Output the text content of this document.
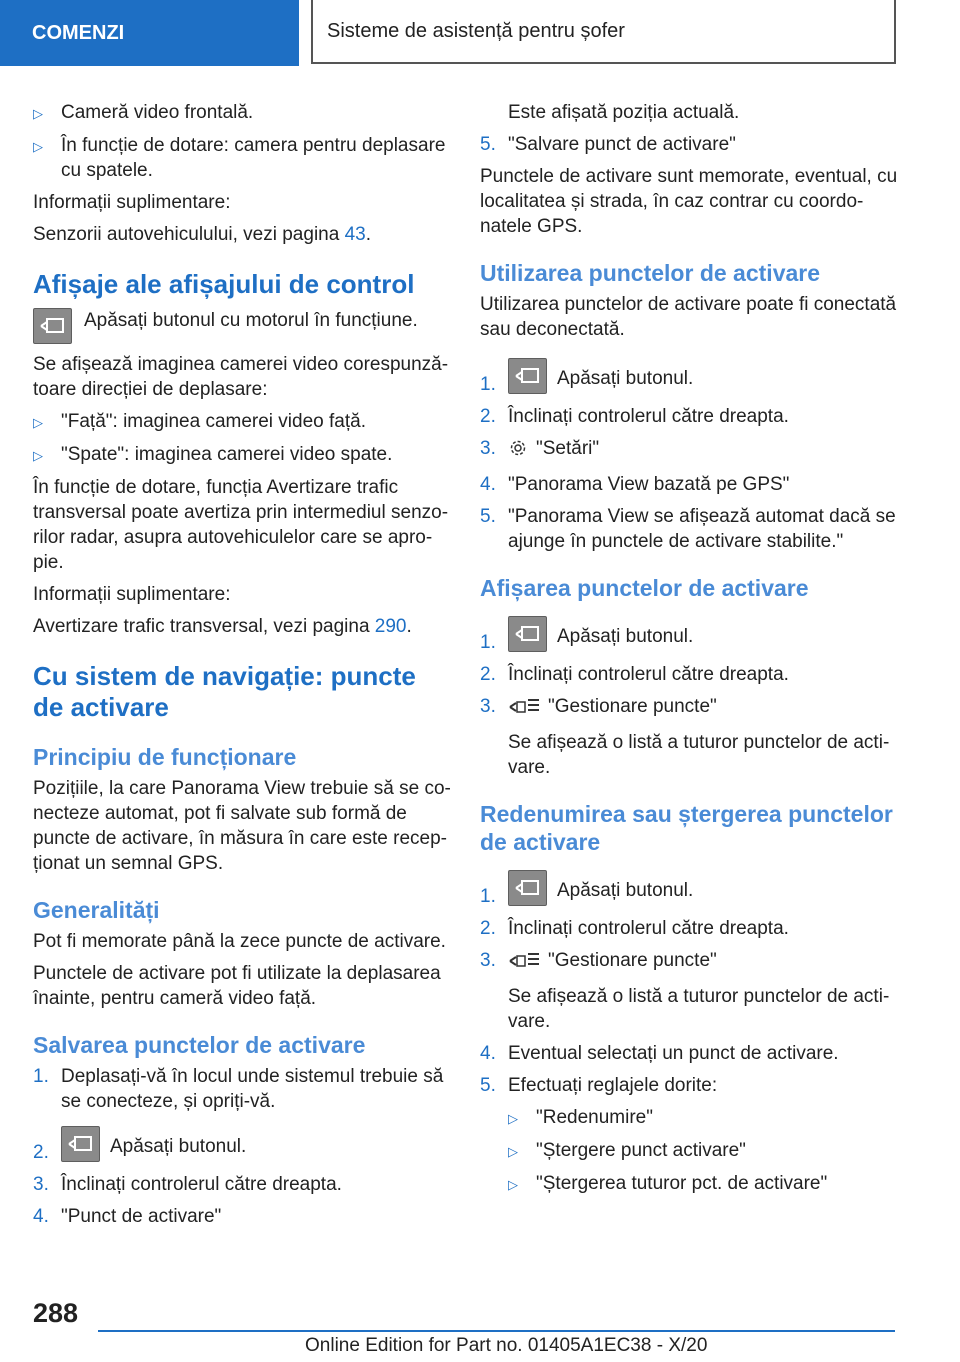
COMENZI	Sisteme de asistență pentru șofer
▷ Cameră video frontală.
▷ În funcție de dotare: camera pentru deplasare cu spatele.

Informații suplimentare:

Senzorii autovehiculului, vezi pagina 43.

Afișaje ale afișajului de control
Apăsați butonul cu motorul în funcțiune.

Se afișează imaginea camerei video corespunzătoare direcției de deplasare:

▷ "Față": imaginea camerei video față.
▷ "Spate": imaginea camerei video spate.

În funcție de dotare, funcția Avertizare trafic transversal poate avertiza prin intermediul senzorilor radar, asupra autovehiculelor care se apropie.

Informații suplimentare:

Avertizare trafic transversal, vezi pagina 290.

Cu sistem de navigație: puncte de activare
Principiu de funcționare

Pozițiile, la care Panorama View trebuie să se conecteze automat, pot fi salvate sub formă de puncte de activare, în măsura în care este recepționat un semnal GPS.

Generalități

Pot fi memorate până la zece puncte de activare.

Punctele de activare pot fi utilizate la deplasarea înainte, pentru cameră video față.

Salvarea punctelor de activare
1. Deplasați-vă în locul unde sistemul trebuie să se conecteze, și opriți-vă.
2.	Apăsați butonul.
3. Înclinați controlerul către dreapta.
4. "Punct de activare"
Este afișată poziția actuală.
5. "Salvare punct de activare"

Punctele de activare sunt memorate, eventual, cu localitatea și strada, în caz contrar cu coordonatele GPS.

Utilizarea punctelor de activare

Utilizarea punctelor de activare poate fi conectată sau deconectată.

1.	Apăsați butonul.
2. Înclinați controlerul către dreapta.
3.	"Setări"
4. "Panorama View bazată pe GPS"
5. "Panorama View se afișează automat dacă se ajunge în punctele de activare stabilite."
Afișarea punctelor de activare
1.	Apăsați butonul.
2. Înclinați controlerul către dreapta.
3.	"Gestionare puncte"
Se afișează o listă a tuturor punctelor de activare.
Redenumirea sau ștergerea punctelor de activare
1.	Apăsați butonul.
2. Înclinați controlerul către dreapta.
3.	"Gestionare puncte"
Se afișează o listă a tuturor punctelor de activare.
4. Eventual selectați un punct de activare.
5. Efectuați reglajele dorite:
▷ "Redenumire"
▷ "Ștergere punct activare"
▷ "Ștergerea tuturor pct. de activare"
288
Online Edition for Part no. 01405A1EC38 - X/20
